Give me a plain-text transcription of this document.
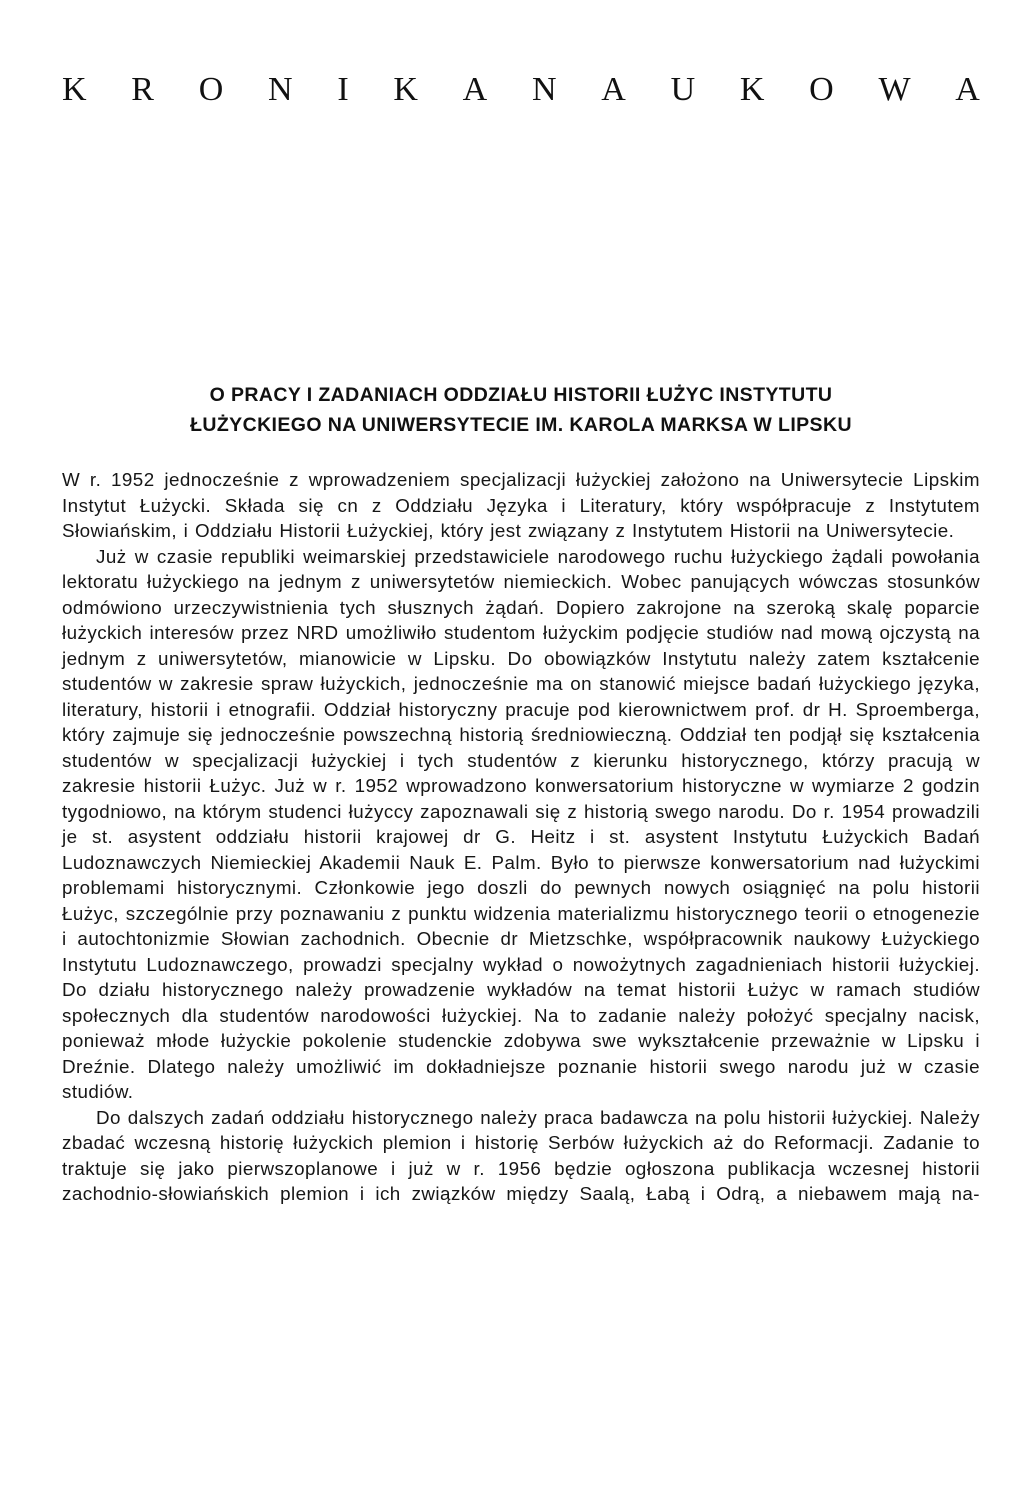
K R O N I K A N A U K O W A
O PRACY I ZADANIACH ODDZIAŁU HISTORII ŁUŻYC INSTYTUTU
ŁUŻYCKIEGO NA UNIWERSYTECIE IM. KAROLA MARKSA W LIPSKU

W r. 1952 jednocześnie z wprowadzeniem specjalizacji łużyckiej założono na Uniwersytecie Lipskim Instytut Łużycki. Składa się cn z Oddziału Języka i Literatury, który współpracuje z Instytutem Słowiańskim, i Oddziału Historii Łużyckiej, który jest związany z Instytutem Historii na Uniwersytecie.

Już w czasie republiki weimarskiej przedstawiciele narodowego ruchu łużyckiego żądali powołania lektoratu łużyckiego na jednym z uniwersytetów niemieckich. Wobec panujących wówczas stosunków odmówiono urzeczywistnienia tych słusznych żądań. Dopiero zakrojone na szeroką skalę poparcie łużyckich interesów przez NRD umożliwiło studentom łużyckim podjęcie studiów nad mową ojczystą na jednym z uniwersytetów, mianowicie w Lipsku. Do obowiązków Instytutu należy zatem kształcenie studentów w zakresie spraw łużyckich, jednocześnie ma on stanowić miejsce badań łużyckiego języka, literatury, historii i etnografii. Oddział historyczny pracuje pod kierownictwem prof. dr H. Sproemberga, który zajmuje się jednocześnie powszechną historią średniowieczną. Oddział ten podjął się kształcenia studentów w specjalizacji łużyckiej i tych studentów z kierunku historycznego, którzy pracują w zakresie historii Łużyc. Już w r. 1952 wprowadzono konwersatorium historyczne w wymiarze 2 godzin tygodniowo, na którym studenci łużyccy zapoznawali się z historią swego narodu. Do r. 1954 prowadzili je st. asystent oddziału historii krajowej dr G. Heitz i st. asystent Instytutu Łużyckich Badań Ludoznawczych Niemieckiej Akademii Nauk E. Palm. Było to pierwsze konwersatorium nad łużyckimi problemami historycznymi. Członkowie jego doszli do pewnych nowych osiągnięć na polu historii Łużyc, szczególnie przy poznawaniu z punktu widzenia materializmu historycznego teorii o etnogenezie i autochtonizmie Słowian zachodnich. Obecnie dr Mietzschke, współpracownik naukowy Łużyckiego Instytutu Ludoznawczego, prowadzi specjalny wykład o nowożytnych zagadnieniach historii łużyckiej. Do działu historycznego należy prowadzenie wykładów na temat historii Łużyc w ramach studiów społecznych dla studentów narodowości łużyckiej. Na to zadanie należy położyć specjalny nacisk, ponieważ młode łużyckie pokolenie studenckie zdobywa swe wykształcenie przeważnie w Lipsku i Dreźnie. Dlatego należy umożliwić im dokładniejsze poznanie historii swego narodu już w czasie studiów.

Do dalszych zadań oddziału historycznego należy praca badawcza na polu historii łużyckiej. Należy zbadać wczesną historię łużyckich plemion i historię Serbów łużyckich aż do Reformacji. Zadanie to traktuje się jako pierwszoplanowe i już w r. 1956 będzie ogłoszona publikacja wczesnej historii zachodnio-słowiańskich plemion i ich związków między Saalą, Łabą i Odrą, a niebawem mają na-
